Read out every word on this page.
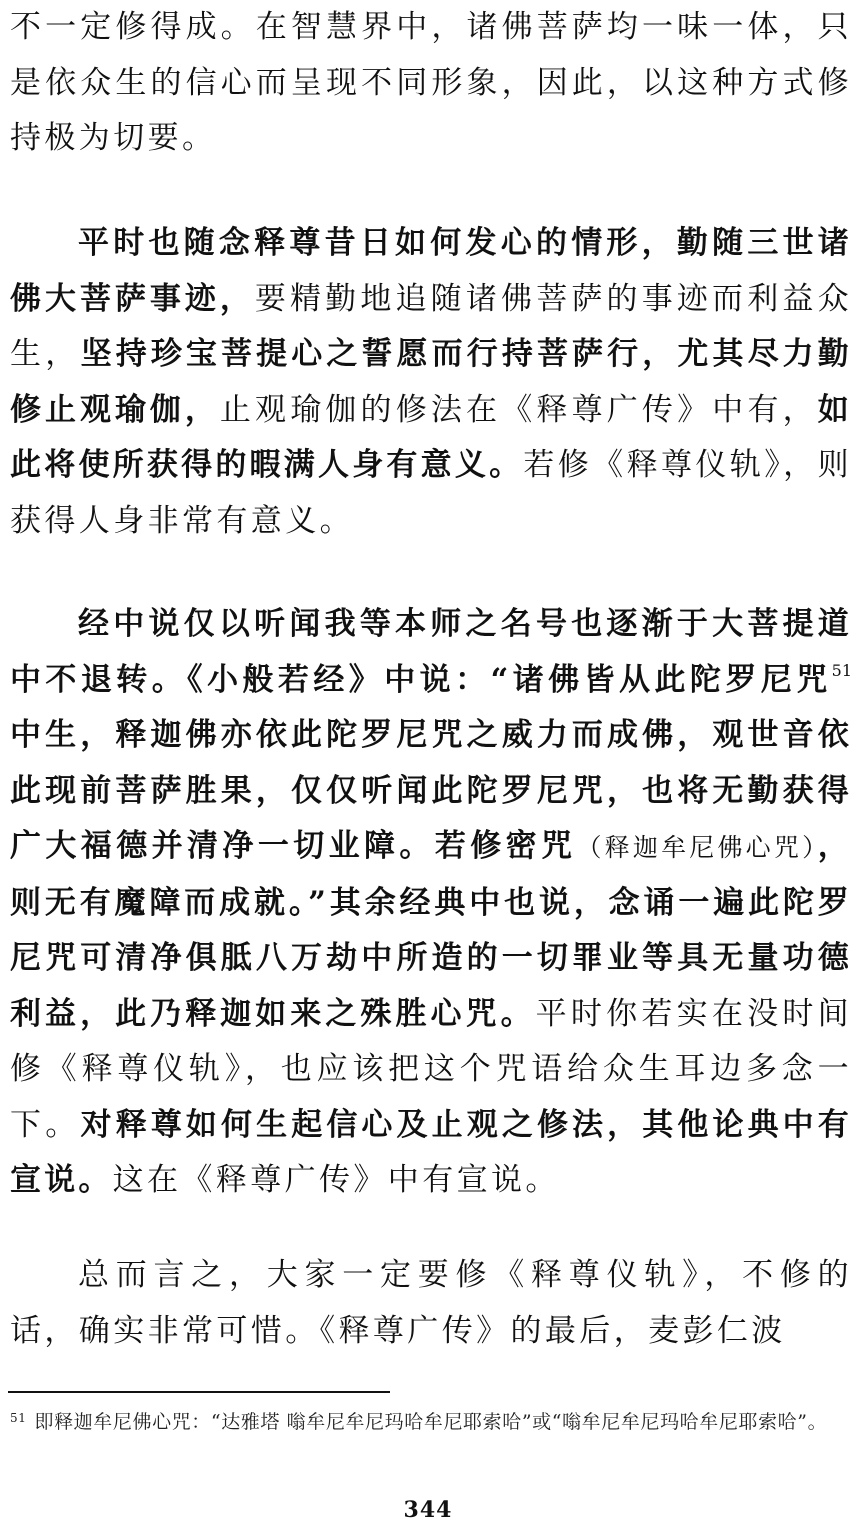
不一定修得成。在智慧界中，诸佛菩萨均一味一体，只是依众生的信心而呈现不同形象，因此，以这种方式修持极为切要。

平时也随念释尊昔日如何发心的情形，勤随三世诸佛大菩萨事迹，要精勤地追随诸佛菩萨的事迹而利益众生，坚持珍宝菩提心之誓愿而行持菩萨行，尤其尽力勤修止观瑜伽，止观瑜伽的修法在《释尊广传》中有，如此将使所获得的暇满人身有意义。若修《释尊仪轨》，则获得人身非常有意义。

经中说仅以听闻我等本师之名号也逐渐于大菩提道中不退转。《小般若经》中说：“诸佛皆从此陀罗尼咒$^{51}$中生，释迦佛亦依此陀罗尼咒之威力而成佛，观世音依此现前菩萨胜果，仅仅听闻此陀罗尼咒，也将无勤获得广大福德并清净一切业障。若修密咒（释迦牟尼佛心咒），则无有魔障而成就。”其余经典中也说，念诵一遍此陀罗尼咒可清净俱胝八万劫中所造的一切罪业等具无量功德利益，此乃释迦如来之殊胜心咒。平时你若实在没时间修《释尊仪轨》，也应该把这个咒语给众生耳边多念一下。对释尊如何生起信心及止观之修法，其他论典中有宣说。这在《释尊广传》中有宣说。

总而言之，大家一定要修《释尊仪轨》，不修的话，确实非常可惜。《释尊广传》的最后，麦彭仁波

$^{51}$ 即释迦牟尼佛心咒：“达雅塔 嗡牟尼牟尼玛哈牟尼耶索哈”或“嗡牟尼牟尼玛哈牟尼耶索哈”。

344
